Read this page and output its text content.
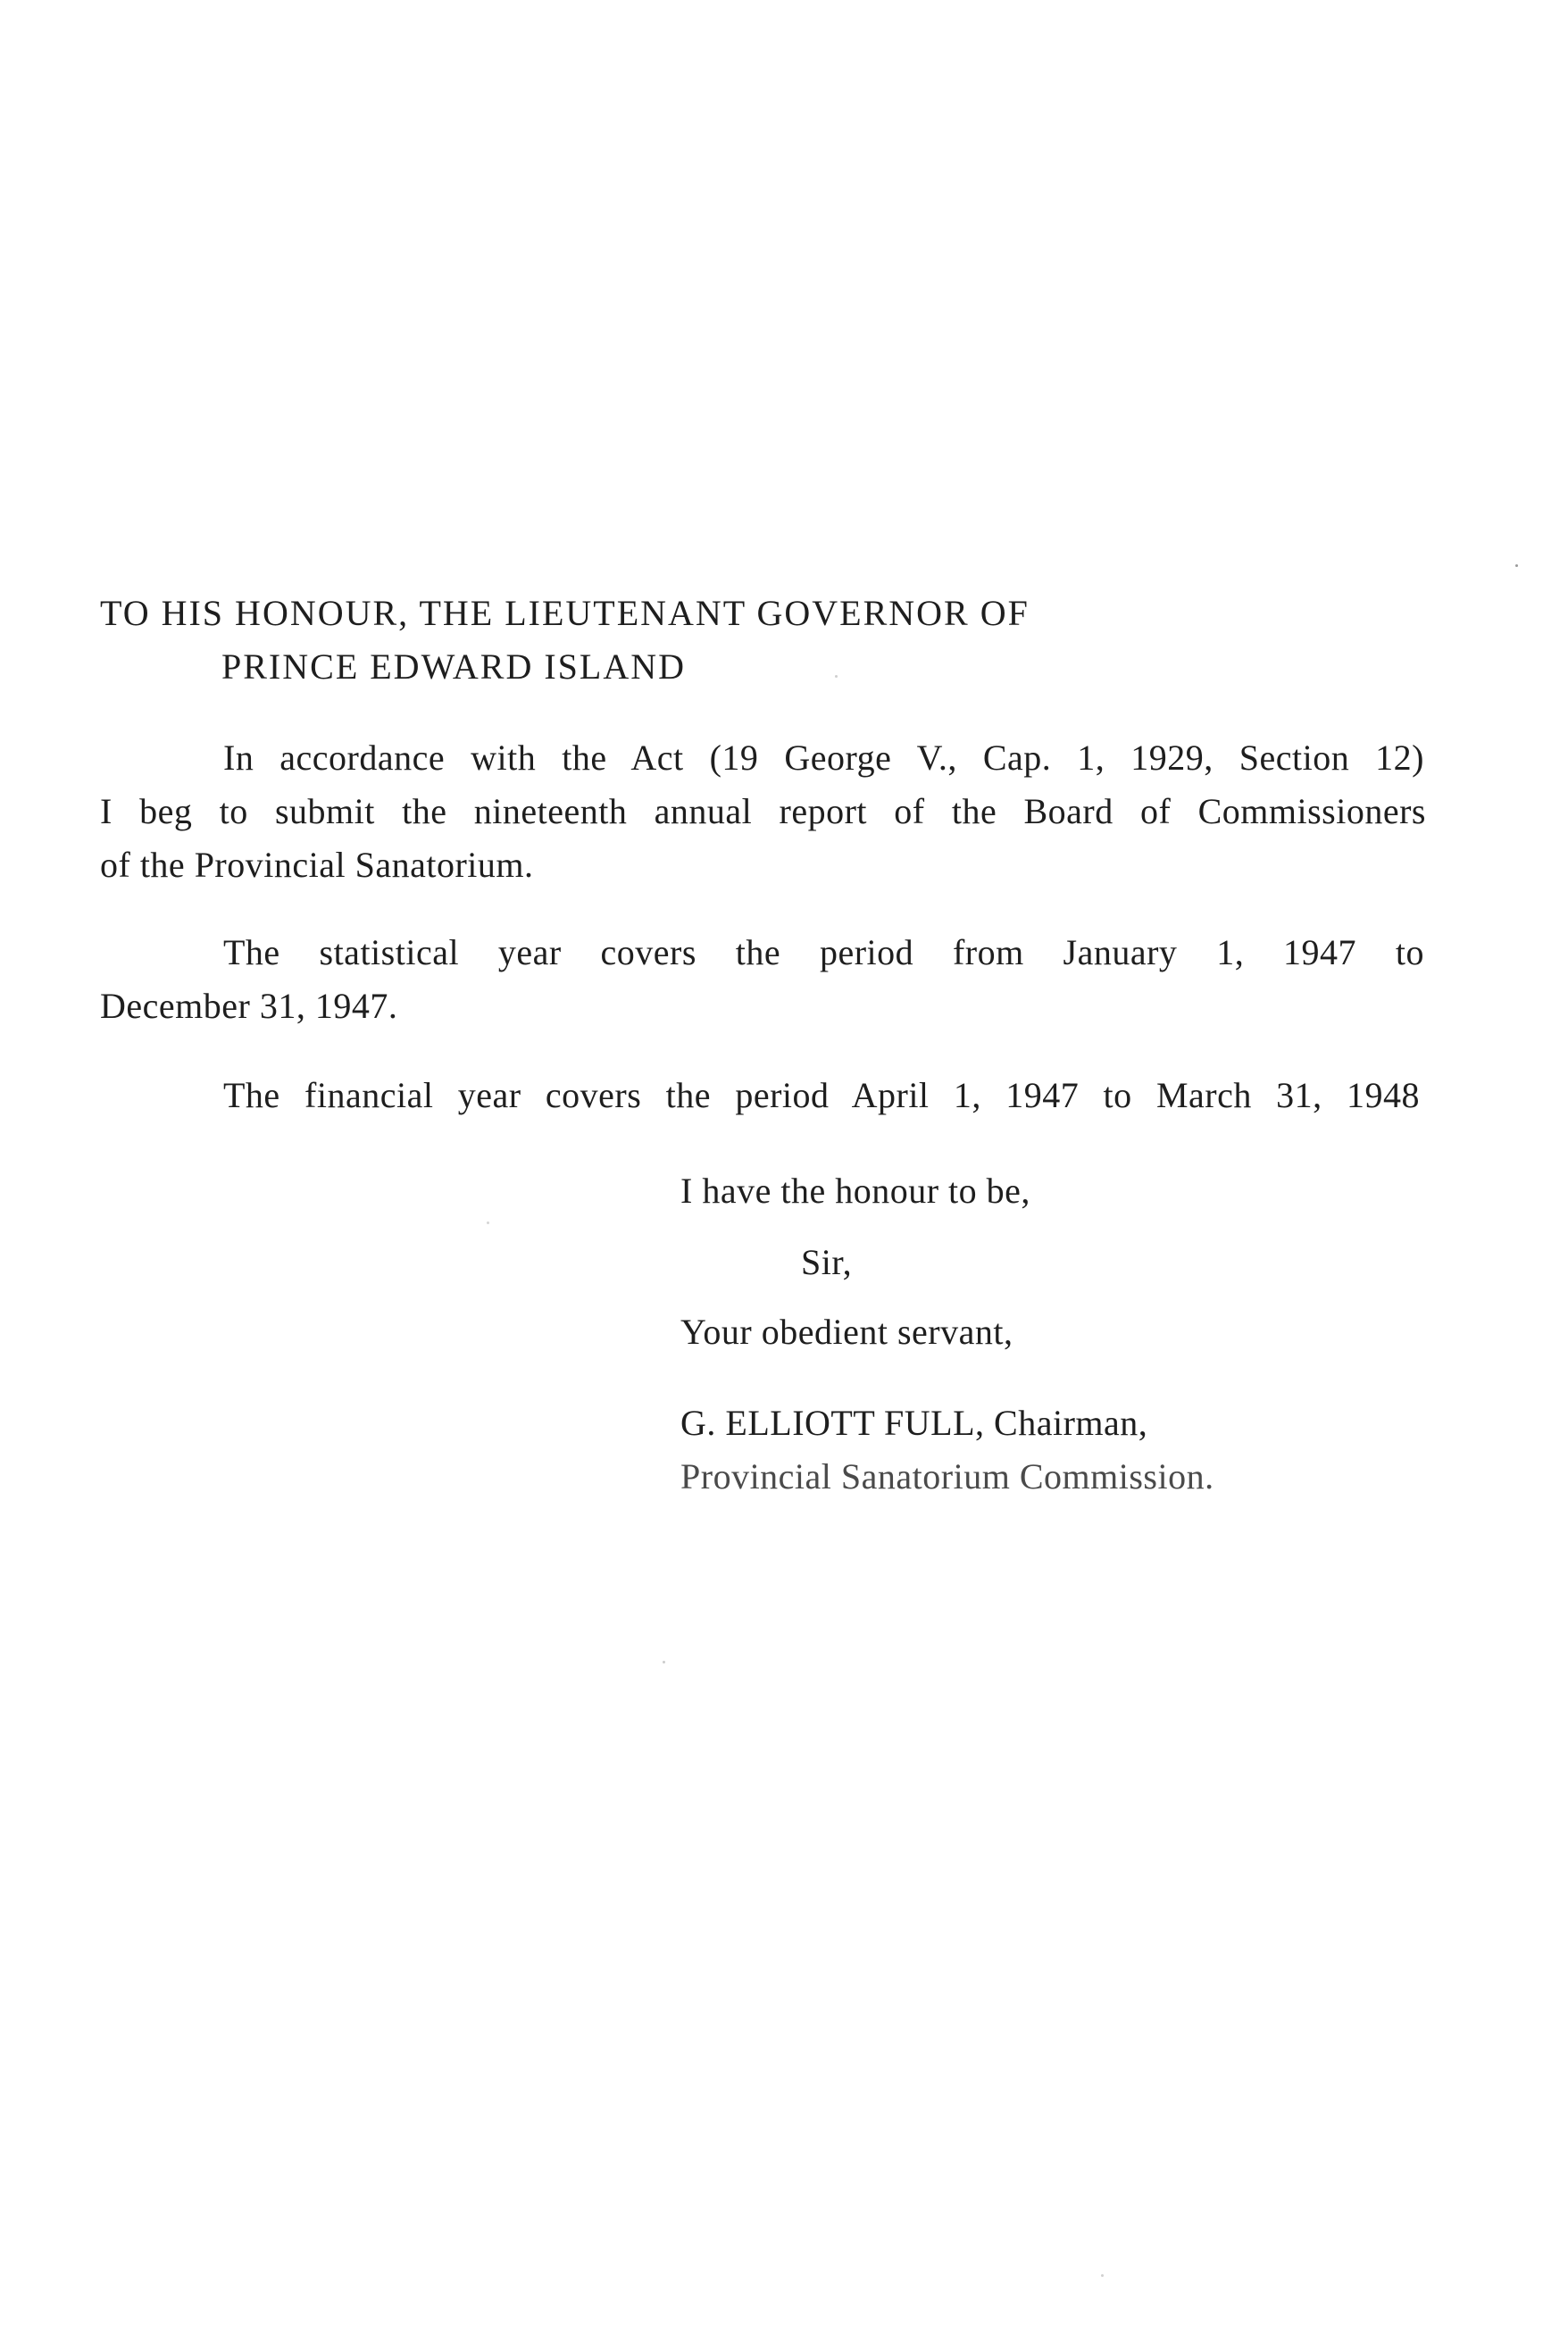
TO HIS HONOUR, THE LIEUTENANT GOVERNOR OF

PRINCE EDWARD ISLAND

In accordance with the Act (19 George V., Cap. 1, 1929, Section 12)

I beg to submit the nineteenth annual report of the Board of Commissioners

of the Provincial Sanatorium.

The statistical year covers the period from January 1, 1947 to

December 31, 1947.

The financial year covers the period April 1, 1947 to March 31, 1948

I have the honour to be,

Sir,

Your obedient servant,

G. ELLIOTT FULL, Chairman,

Provincial Sanatorium Commission.
